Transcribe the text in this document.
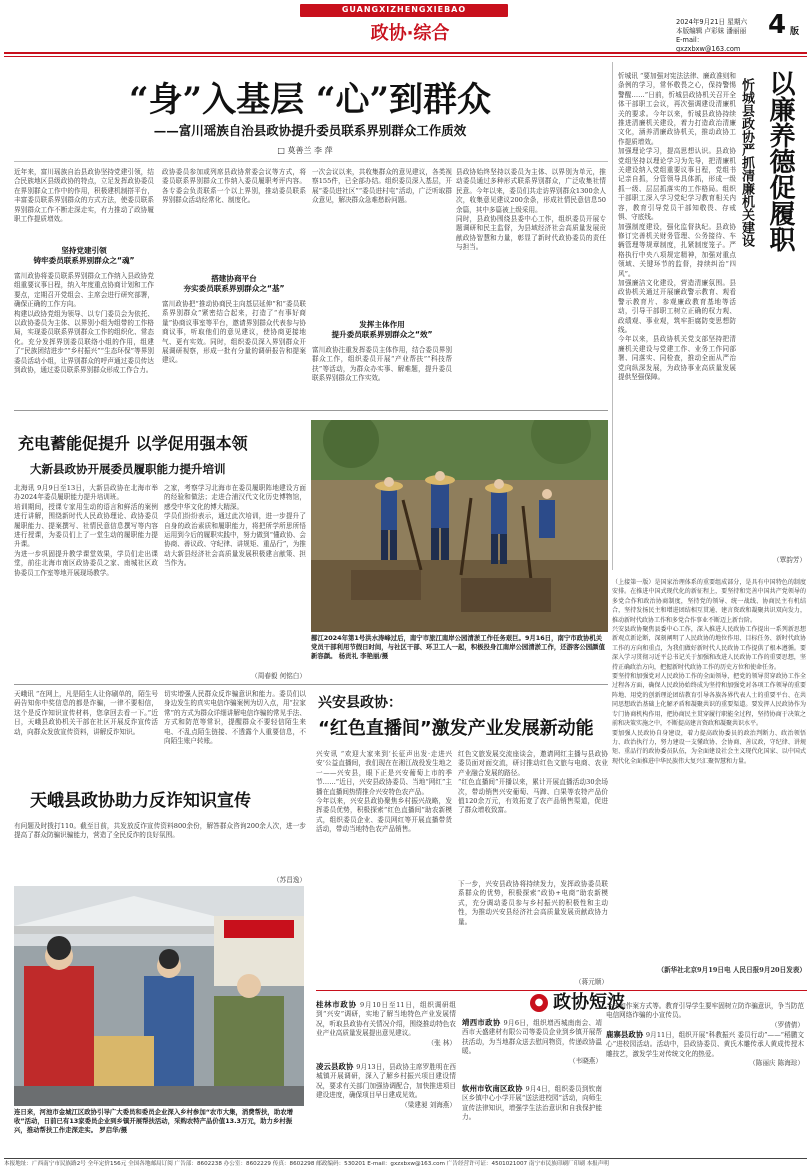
GUANGXIZHENGXIEBAO
政协·综合
2024年9月21日 星期六
本版编辑 卢彩妹 潘丽丽
E-mail：gxzxbxw@163.com
4 版
“身”入基层 “心”到群众
——富川瑶族自治县政协提升委员联系界别群众工作质效
□ 莫善兰 李 萍
近年来，富川瑶族自治县政协坚持党建引领，结合民族地区县级政协的特点，立足发挥政协委员在界别群众工作中的作用，积极建机制搭平台，丰富委员联系界别群众的方式方法，使委员联系界别群众工作不断走深走实，有力推动了政协履职工作提质增效。
坚持党建引领
铸牢委员联系界别群众之“魂”
富川政协将委员联系界别群众工作纳入县政协党组重要议事日程，纳入年度重点协商计划和工作要点，定期召开党组会、主席会进行研究部署，确保正确的工作方向。
构建以政协党组为领导、以专门委员会为依托、以政协委员为主体、以界别小组为组带的工作格局，实现委员联系界别群众工作的组织化、常态化。充分发挥界别委员联络小组的作用，组建了“民族团结进步”“乡村振兴”“生态环保”等界别委员活动小组，让界别群众的呼声通过委员传达到政协，通过委员联系界别群众形成工作合力。
政协委员参加或列席县政协常委会议等方式，将委员联系界别群众工作纳入委员履职考评内容。各专委会负责联系一个以上界别，推动委员联系界别群众活动经常化、制度化。
搭建协商平台
夯实委员联系界别群众之“基”
富川政协把“推动协商民主向基层延伸”和“委员联系界别群众”紧密结合起来，打造了“有事好商量”协商议事室等平台，邀请界别群众代表参与协商议事，听取他们的意见建议，使协商更接地气、更有实效。同时，组织委员深入界别群众开展调研视察，形成一批有分量的调研报告和提案建议。
一次会议以来，共收集群众的意见建议，各类视察155件，已全部办结。组织委员深入基层，开展“委员进社区”“委员进村屯”活动，广泛听取群众意见，解决群众急难愁盼问题。
发挥主体作用
提升委员联系界别群众之“效”
富川政协注重发挥委员主体作用，结合委员界别群众工作，组织委员开展“产业帮扶”“科技帮扶”等活动，为群众办实事、解难题，提升委员联系界别群众工作实效。
县政协始终坚持以委员为主体、以界别为单元，推动委员通过多种形式联系界别群众，广泛收集社情民意。今年以来，委员们共走访界别群众1300余人次，收集意见建议200余条，形成社情民意信息50余篇，其中多篇被上级采用。
同时，县政协围绕县委中心工作，组织委员开展专题调研和民主监督，为县域经济社会高质量发展贡献政协智慧和力量，彰显了新时代政协委员的责任与担当。
忻城讯 “要加强对宪法法律、廉政准则和条例的学习，常怀敬畏之心，保持警惕警醒……”日前，忻城县政协机关召开全体干部职工会议，再次强调建设清廉机关的要求。今年以来，忻城县政协持续推进清廉机关建设，着力打造政治清廉文化，涵养清廉政协机关，推动政协工作提质增效。
加强理论学习，提高思想认识。县政协党组坚持以理论学习为先导，把清廉机关建设纳入党组重要议事日程，党组书记亲自抓，分管领导具体抓，形成一级抓一级、层层抓落实的工作格局。组织干部职工深入学习党纪学习教育相关内容，教育引导党员干部知敬畏、存戒惧、守底线。
加强制度建设，强化监督执纪。县政协修订完善机关财务管理、公务接待、车辆管理等规章制度，扎紧制度笼子。严格执行中央八项规定精神，加强对重点领域、关键环节的监督，持续纠治“四风”。
加强廉洁文化建设，营造清廉氛围。县政协机关通过开展廉政警示教育、观看警示教育片、参观廉政教育基地等活动，引导干部职工树立正确的权力观、政绩观、事业观，筑牢拒腐防变思想防线。
今年以来，县政协机关党支部坚持把清廉机关建设与党建工作、业务工作同部署、同落实、同检查，推动全面从严治党向纵深发展，为政协事业高质量发展提供坚强保障。
以廉养德促履职
忻城县政协严抓清廉机关建设
（覃韵芳）
充电蓄能促提升 以学促用强本领
大新县政协开展委员履职能力提升培训
北海讯 9月9日至13日，大新县政协在北海市举办2024年委员履职能力提升培训班。
培训期间，授课专家用生动的语言和鲜活的案例进行讲解，围绕新时代人民政协理论、政协委员履职能力、提案撰写、社情民意信息撰写等内容进行授课，为委员们上了一堂生动的履职能力提升课。
为进一步巩固提升教学课堂效果，学员们走出课堂，前往北海市南区政协委员之家、南城社区政协委员工作室等地开展现场教学。
之家，考察学习北海市在委员履职阵地建设方面的经验和做法；走进合浦汉代文化历史博物馆，感受中华文化的博大精深。
学员们纷纷表示，通过此次培训，进一步提升了自身的政治素质和履职能力，将把所学所思所悟运用到今后的履职实践中，努力做到“懂政协、会协商、善议政、守纪律、讲规矩、重品行”，为推动大新县经济社会高质量发展积极建言献策、担当作为。
（周春毅 何铭白）
鄯江2024年第1号洪水涛峰过后，南宁市旅江南岸公园清淤工作任务艰巨。9月16日，南宁市政协机关党员干部利用节假日时间，与社区干部、环卫工人一起，积极投身江南岸公园清淤工作，还游客公园颜值新容颜。 杨贡礼 李艳丽/摄
天峨讯 “在网上，凡是陌生人让你刷单的，陌生号码告知你中奖信息的都是诈骗，一律不要相信，这个是反诈知识宣传材料，您拿回去看一下。”近日，天峨县政协机关干部在社区开展反诈宣传活动，向群众发放宣传资料，讲解反诈知识。
切实增强人民群众反诈骗意识和能力。委员们以身边发生的真实电信诈骗案例为切入点，用“拉家常”的方式为群众详细讲解电信诈骗的常见手法、方式和防范等常识，提醒群众不要轻信陌生来电、不乱点陌生链接、不透露个人重要信息，不向陌生账户转账。
天峨县政协助力反诈知识宣传
有问题及时拨打110。截至目前，共发放反诈宣传资料800余份，解答群众咨询200余人次，进一步提高了群众防骗识骗能力，营造了全民反诈的良好氛围。
（苏昌逸）
连日来，河池市金城江区政协引导广大委员和委员企业深入乡村参加“农市大集，消费帮扶，助农增收”活动，日前已有13家委员企业到乡镇开展帮扶活动，采购农特产品价值13.3万元，助力乡村振兴，推动帮扶工作走深走实。 罗启华/摄
兴安县政协：
“红色直播间”激发产业发展新动能
兴安讯 “欢迎大家来到‘长征声出发·走进兴安’公益直播间，我们现在在湘江战役发生地之一——兴安县，眼下正是兴安葡萄上市的季节……”近日，兴安县政协委员、当地“网红”主播在直播间热情推介兴安特色农产品。
今年以来，兴安县政协聚焦乡村振兴战略，发挥委员优势，积极探索“红色直播间”助农新模式，组织委员企业、委员网红等开展直播带货活动，带动当地特色农产品销售。
红色文旅发展交流座谈会，邀请网红主播与县政协委员面对面交流，研讨推动红色文旅与电商、农业产业融合发展的路径。
“红色直播间”开播以来，累计开展直播活动30余场次，带动销售兴安葡萄、马蹄、白果等农特产品价值120余万元，有效拓宽了农产品销售渠道，促进了群众增收致富。
下一步，兴安县政协将持续发力，发挥政协委员联系群众的优势，积极探索“政协+电商”助农新模式，充分调动委员参与乡村振兴的积极性和主动性，为推动兴安县经济社会高质量发展贡献政协力量。
（蒋元顺）
（上接第一版）是国家治理体系的重要组成部分，是具有中国特色的制度安排。在推进中国式现代化的新征程上，要坚持和完善中国共产党领导的多党合作和政治协商制度，坚持党的领导、统一战线、协商民主有机结合，坚持发扬民主和增进团结相互贯通、建言资政和凝聚共识双向发力，推动新时代政协工作和多党合作事业不断迈上新台阶。
兴安县政协聚焦县委中心工作，深入推进人民政协工作提出一系列新思想新观点新论断，深刻阐明了人民政协的地位作用、目标任务、新时代政协工作的方向和重点，为我们做好新时代人民政协工作提供了根本遵循。要深入学习贯彻习近平总书记关于加强和改进人民政协工作的重要思想，坚持正确政治方向，把握新时代政协工作的历史方位和使命任务。
要坚持和加强党对人民政协工作的全面领导，把党的领导贯穿政协工作全过程各方面，确保人民政协始终成为坚持和加强党对各项工作领导的重要阵地、用党的创新理论团结教育引导各族各界代表人士的重要平台、在共同思想政治基础上化解矛盾和凝聚共识的重要渠道。要发挥人民政协作为专门协商机构作用，把协商民主贯穿履行职能全过程，坚持协商于决策之前和决策实施之中，不断提高建言资政和凝聚共识水平。
要加强人民政协自身建设，着力提高政协委员的政治判断力、政治领悟力、政治执行力，努力建设一支懂政协、会协商、善议政，守纪律、讲规矩、重品行的政协委员队伍，为全面建设社会主义现代化国家、以中国式现代化全面推进中华民族伟大复兴汇聚智慧和力量。
（新华社北京9月19日电 人民日报9月20日发表）
● 政协短波
桂林市政协 9月10日至11日，组织调研组到“兴安”调研，实地了解当地特色产业发展情况，听取县政协有关情况介绍，围绕推动特色农业产业高质量发展提出意见建议。
（张 林）
凌云县政协 9月13日，县政协主席罗胜明在西城镇开展调研，深入了解乡村振兴项目建设情况，要求有关部门加强协调配合，加快推进项目建设进度，确保项目早日建成见效。
（梁建昶 刘海燕）
靖西市政协 9月6日，组织增西城南南会、靖西市天盛建材有限公司等委员企业到乡镇开展帮扶活动，为当地群众送去慰问物资，传递政协温暖。
（韦晓燕）
软州市钦南区政协 9月4日，组织委员到钦南区乡镇中心小学开展“送法进校园”活动，向师生宣传法律知识，增强学生法治意识和自我保护能力。
手法和作案方式等。教育引导学生要牢固树立防诈骗意识，争当防范电信网络诈骗的小宣传员。
（罗倩倩）
鹿寨县政协 9月11日，组织开展“科教振兴 委员行动”——“稻鹏文心”进校园活动。活动中，县政协委员、黄氏木雕传承人黄成传授木雕技艺，激发学生对传统文化的热爱。
（陈丽庆 陈海琮）
本报地址：广西南宁市民族路2号 全年定价156元 全国各地邮局订阅 广告部：8602238 办公室：8602229 传真：8602298 邮政编码：530201 E-mail：gxzxbxw@163.com 广告经营许可证：4501021007 南宁市民族印刷厂印刷 本报声明
